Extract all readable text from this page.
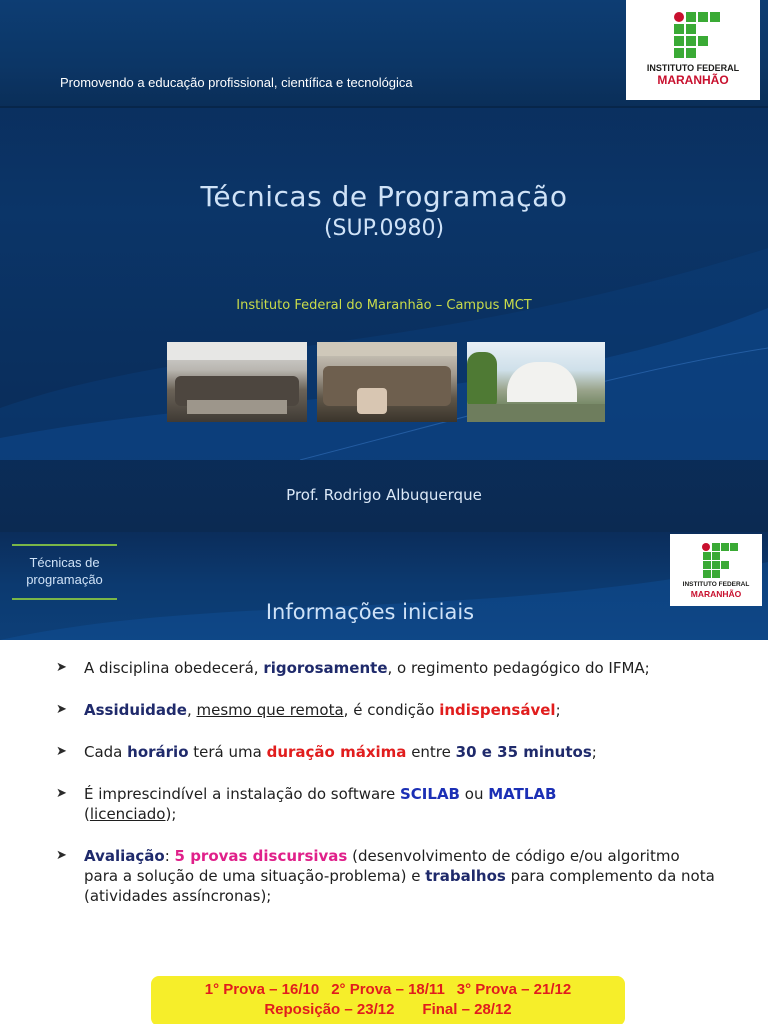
Promovendo a educação profissional, científica e tecnológica
INSTITUTO FEDERAL
MARANHÃO
Técnicas de Programação
(SUP.0980)
Instituto Federal do Maranhão – Campus MCT
Prof. Rodrigo Albuquerque
Técnicas de
programação
Informações iniciais
INSTITUTO FEDERAL
MARANHÃO

➤ A disciplina obedecerá, rigorosamente, o regimento pedagógico do IFMA;

➤ Assiduidade, mesmo que remota, é condição indispensável;

➤ Cada horário terá uma duração máxima entre 30 e 35 minutos;

➤ É imprescindível a instalação do software SCILAB ou MATLAB
(licenciado);

➤ Avaliação: 5 provas discursivas (desenvolvimento de código e/ou algoritmo para a solução de uma situação-problema) e trabalhos para complemento da nota (atividades assíncronas);

1° Prova – 16/10 2° Prova – 18/11 3° Prova – 21/12
Reposição – 23/12 Final – 28/12
